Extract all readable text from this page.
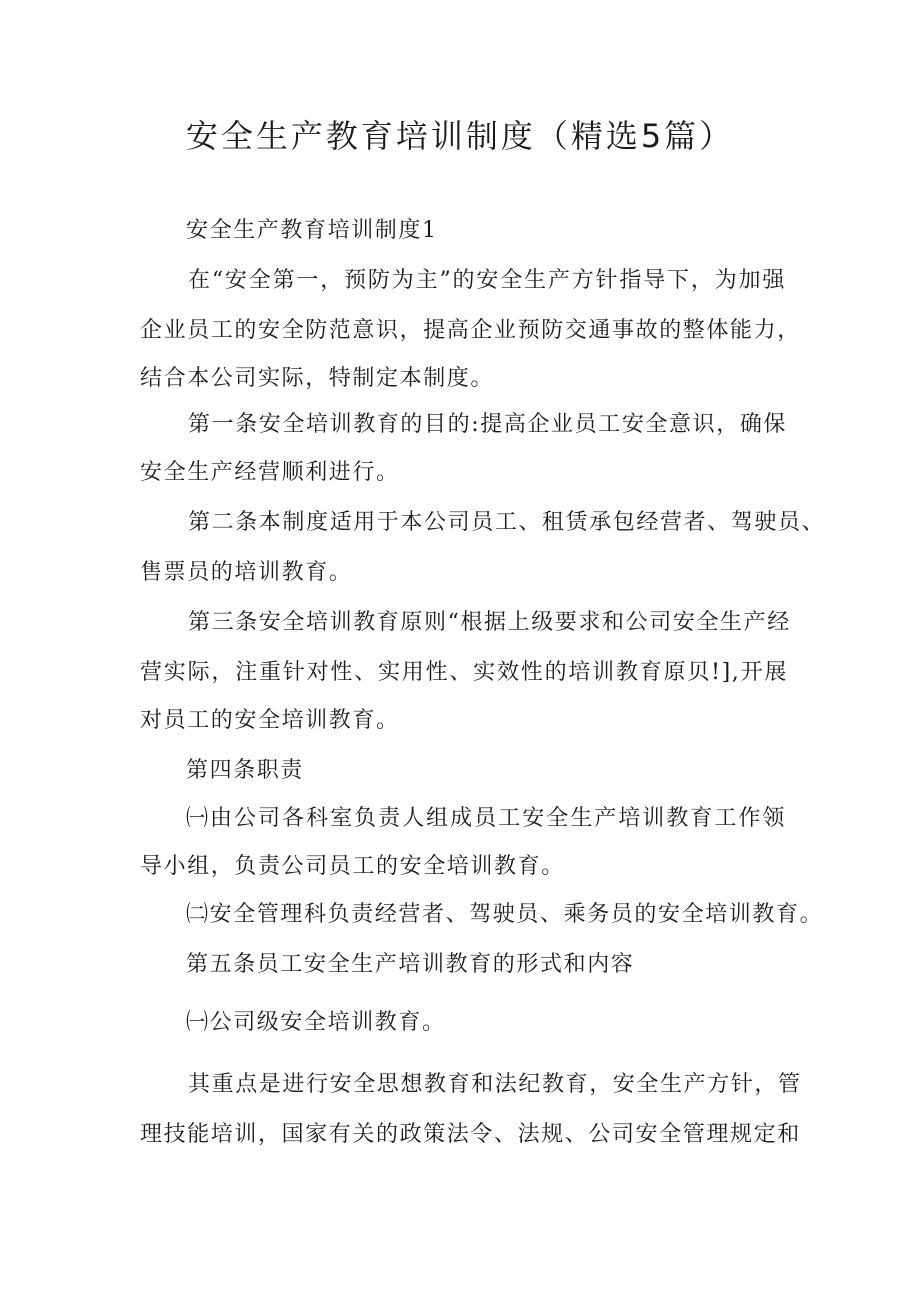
安全生产教育培训制度（精选5篇）
安全生产教育培训制度1
在“安全第一，预防为主”的安全生产方针指导下，为加强
企业员工的安全防范意识，提高企业预防交通事故的整体能力，
结合本公司实际，特制定本制度。
第一条安全培训教育的目的:提高企业员工安全意识，确保
安全生产经营顺利进行。
第二条本制度适用于本公司员工、租赁承包经营者、驾驶员、
售票员的培训教育。
第三条安全培训教育原则“根据上级要求和公司安全生产经
营实际，注重针对性、实用性、实效性的培训教育原贝!],开展
对员工的安全培训教育。
第四条职责
㈠由公司各科室负责人组成员工安全生产培训教育工作领
导小组，负责公司员工的安全培训教育。
㈡安全管理科负责经营者、驾驶员、乘务员的安全培训教育。
第五条员工安全生产培训教育的形式和内容
㈠公司级安全培训教育。
其重点是进行安全思想教育和法纪教育，安全生产方针，管
理技能培训，国家有关的政策法令、法规、公司安全管理规定和
